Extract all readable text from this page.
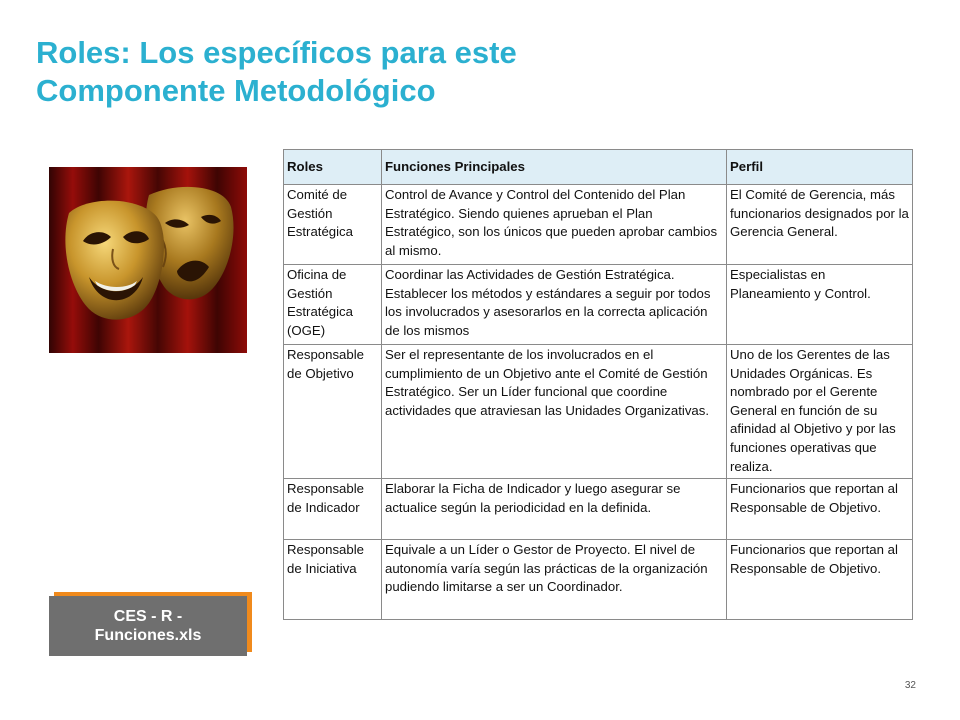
Roles: Los específicos para este
Componente Metodológico
CES - R - Funciones.xls
Roles	Funciones Principales	Perfil
Comité de Gestión Estratégica	Control de Avance y Control del Contenido del Plan Estratégico. Siendo quienes aprueban el Plan Estratégico, son los únicos que pueden aprobar cambios al mismo.	El Comité de Gerencia, más funcionarios designados por la Gerencia General.
Oficina de Gestión Estratégica (OGE)	Coordinar las Actividades de Gestión Estratégica. Establecer los métodos y estándares a seguir por todos los involucrados y asesorarlos en la correcta aplicación de los mismos	Especialistas en Planeamiento y Control.
Responsable de Objetivo	Ser el representante de los involucrados en el cumplimiento de un Objetivo ante el Comité de Gestión Estratégico. Ser un Líder funcional que coordine actividades que atraviesan las Unidades Organizativas.	Uno de los Gerentes de las Unidades Orgánicas. Es nombrado por el Gerente General en función de su afinidad al Objetivo y por las funciones operativas que realiza.
Responsable de Indicador	Elaborar la Ficha de Indicador y luego asegurar se actualice según la periodicidad en la definida.	Funcionarios que reportan al Responsable de Objetivo.
Responsable de Iniciativa	Equivale a un Líder o Gestor de Proyecto. El nivel de autonomía varía según las prácticas de la organización pudiendo limitarse a ser un Coordinador.	Funcionarios que reportan al Responsable de Objetivo.
32
